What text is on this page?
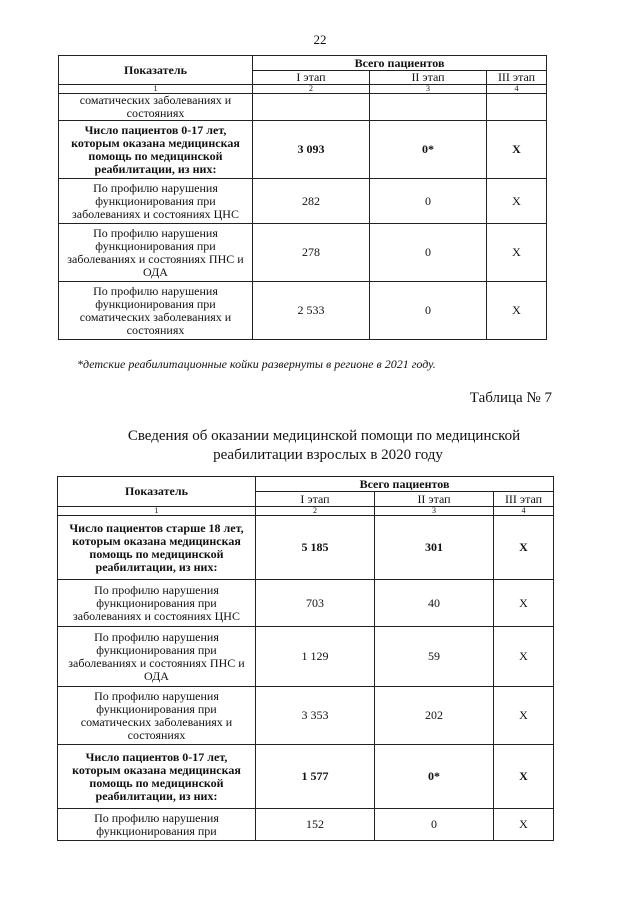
22
Показатель	Всего пациентов		
	I этап	II этап	III этап
1	2	3	4
соматических заболеваниях и состояниях			
Число пациентов 0-17 лет, которым оказана медицинская помощь по медицинской реабилитации, из них:	3 093	0*	Х
По профилю нарушения функционирования при заболеваниях и состояниях ЦНС	282	0	Х
По профилю нарушения функционирования при заболеваниях и состояниях ПНС и ОДА	278	0	Х
По профилю нарушения функционирования при соматических заболеваниях и состояниях	2 533	0	Х
*детские реабилитационные койки развернуты в регионе в 2021 году.
Таблица № 7
Сведения об оказании медицинской помощи по медицинской
реабилитации взрослых в 2020 году
Показатель	Всего пациентов		
	I этап	II этап	III этап
1	2	3	4
Число пациентов старше 18 лет, которым оказана медицинская помощь по медицинской реабилитации, из них:	5 185	301	Х
По профилю нарушения функционирования при заболеваниях и состояниях ЦНС	703	40	Х
По профилю нарушения функционирования при заболеваниях и состояниях ПНС и ОДА	1 129	59	Х
По профилю нарушения функционирования при соматических заболеваниях и состояниях	3 353	202	Х
Число пациентов 0-17 лет, которым оказана медицинская помощь по медицинской реабилитации, из них:	1 577	0*	Х
По профилю нарушения функционирования при	152	0	Х
